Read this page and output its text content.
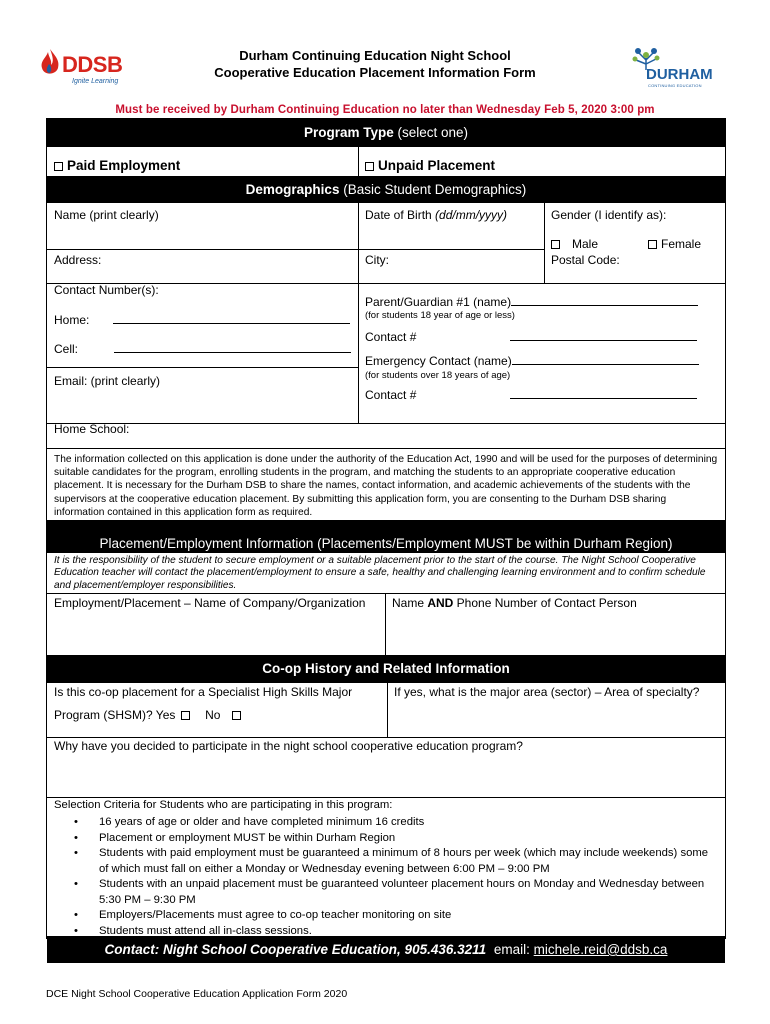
DDSB
Ignite Learning
Durham Continuing Education Night School
Cooperative Education Placement Information Form	DURHAM
CONTINUING EDUCATION
Must be received by Durham Continuing Education no later than Wednesday Feb 5, 2020 3:00 pm
Program Type (select one)
Paid Employment	Unpaid Placement
Demographics (Basic Student Demographics)
Name (print clearly)	Date of Birth (dd/mm/yyyy)	Gender (I identify as):
Male	Female
Address:	City:	Postal Code:
Contact Number(s):
Home:
Cell:
Email: (print clearly)
Parent/Guardian #1 (name)
(for students 18 year of age or less)
Contact #
Emergency Contact (name)
(for students over 18 years of age)
Contact #
Home School:
The information collected on this application is done under the authority of the Education Act, 1990 and will be used for the purposes of determining suitable candidates for the program, enrolling students in the program, and matching the students to an appropriate cooperative education placement. It is necessary for the Durham DSB to share the names, contact information, and academic achievements of the students with the supervisors at the cooperative education placement. By submitting this application form, you are consenting to the Durham DSB sharing information contained in this application form as required.
Placement/Employment Information (Placements/Employment MUST be within Durham Region)
It is the responsibility of the student to secure employment or a suitable placement prior to the start of the course. The Night School Cooperative Education teacher will contact the placement/employment to ensure a safe, healthy and challenging learning environment and to confirm schedule and placement/employer responsibilities.
Employment/Placement – Name of Company/Organization Name AND Phone Number of Contact Person
Co-op History and Related Information
Is this co-op placement for a Specialist High Skills Major
Program (SHSM)? Yes No
If yes, what is the major area (sector) – Area of specialty?
Why have you decided to participate in the night school cooperative education program?
Selection Criteria for Students who are participating in this program:
• 16 years of age or older and have completed minimum 16 credits
• Placement or employment MUST be within Durham Region
• Students with paid employment must be guaranteed a minimum of 8 hours per week (which may include weekends) some of which must fall on either a Monday or Wednesday evening between 6:00 PM – 9:00 PM
• Students with an unpaid placement must be guaranteed volunteer placement hours on Monday and Wednesday between 5:30 PM – 9:30 PM
• Employers/Placements must agree to co-op teacher monitoring on site
• Students must attend all in-class sessions.
Contact: Night School Cooperative Education, 905.436.3211 email: michele.reid@ddsb.ca
DCE Night School Cooperative Education Application Form 2020
